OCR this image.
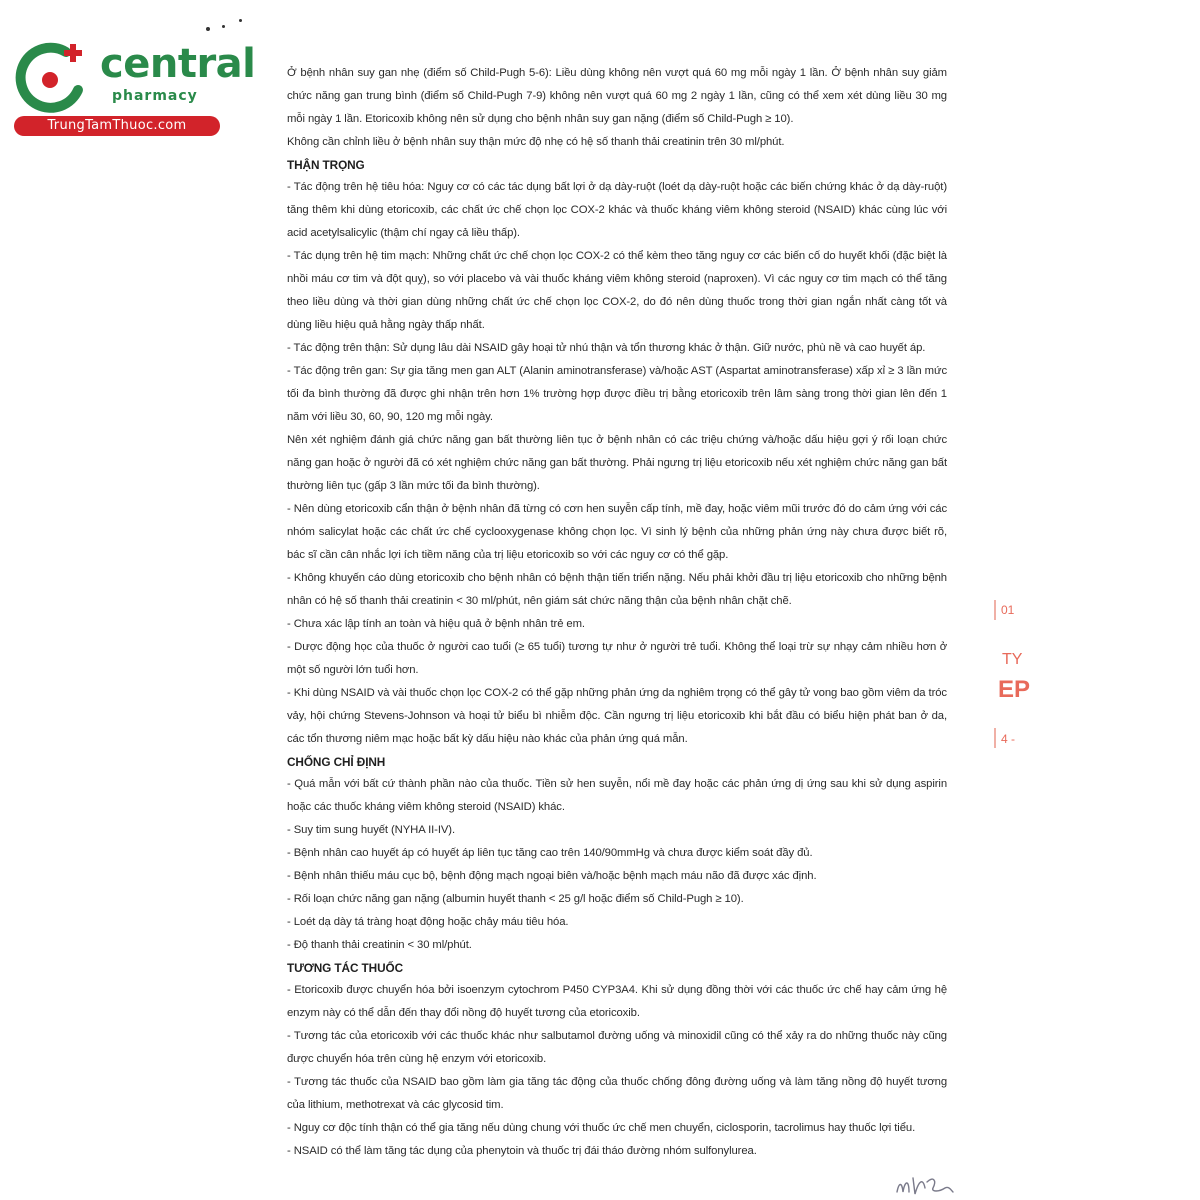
central
pharmacy
TrungTamThuoc.com

Ở bệnh nhân suy gan nhẹ (điểm số Child-Pugh 5-6): Liều dùng không nên vượt quá 60 mg mỗi ngày 1 lần. Ở bệnh nhân suy giảm chức năng gan trung bình (điểm số Child-Pugh 7-9) không nên vượt quá 60 mg 2 ngày 1 lần, cũng có thể xem xét dùng liều 30 mg mỗi ngày 1 lần. Etoricoxib không nên sử dụng cho bệnh nhân suy gan nặng (điểm số Child-Pugh ≥ 10).

Không cần chỉnh liều ở bệnh nhân suy thận mức độ nhẹ có hệ số thanh thải creatinin trên 30 ml/phút.

THẬN TRỌNG

- Tác động trên hệ tiêu hóa: Nguy cơ có các tác dụng bất lợi ở dạ dày-ruột (loét dạ dày-ruột hoặc các biến chứng khác ở dạ dày-ruột) tăng thêm khi dùng etoricoxib, các chất ức chế chọn lọc COX-2 khác và thuốc kháng viêm không steroid (NSAID) khác cùng lúc với acid acetylsalicylic (thậm chí ngay cả liều thấp).

- Tác dụng trên hệ tim mạch: Những chất ức chế chọn lọc COX-2 có thể kèm theo tăng nguy cơ các biến cố do huyết khối (đặc biệt là nhồi máu cơ tim và đột quỵ), so với placebo và vài thuốc kháng viêm không steroid (naproxen). Vì các nguy cơ tim mạch có thể tăng theo liều dùng và thời gian dùng những chất ức chế chọn lọc COX-2, do đó nên dùng thuốc trong thời gian ngắn nhất càng tốt và dùng liều hiệu quả hằng ngày thấp nhất.

- Tác động trên thận: Sử dụng lâu dài NSAID gây hoại tử nhú thận và tổn thương khác ở thận. Giữ nước, phù nề và cao huyết áp.

- Tác động trên gan: Sự gia tăng men gan ALT (Alanin aminotransferase) và/hoặc AST (Aspartat aminotransferase) xấp xỉ ≥ 3 lần mức tối đa bình thường đã được ghi nhận trên hơn 1% trường hợp được điều trị bằng etoricoxib trên lâm sàng trong thời gian lên đến 1 năm với liều 30, 60, 90, 120 mg mỗi ngày.

Nên xét nghiệm đánh giá chức năng gan bất thường liên tục ở bệnh nhân có các triệu chứng và/hoặc dấu hiệu gợi ý rối loạn chức năng gan hoặc ở người đã có xét nghiệm chức năng gan bất thường. Phải ngưng trị liệu etoricoxib nếu xét nghiệm chức năng gan bất thường liên tục (gấp 3 lần mức tối đa bình thường).

- Nên dùng etoricoxib cẩn thận ở bệnh nhân đã từng có cơn hen suyễn cấp tính, mề đay, hoặc viêm mũi trước đó do cảm ứng với các nhóm salicylat hoặc các chất ức chế cyclooxygenase không chọn lọc. Vì sinh lý bệnh của những phản ứng này chưa được biết rõ, bác sĩ cần cân nhắc lợi ích tiềm năng của trị liệu etoricoxib so với các nguy cơ có thể gặp.

- Không khuyến cáo dùng etoricoxib cho bệnh nhân có bệnh thận tiến triển nặng. Nếu phải khởi đầu trị liệu etoricoxib cho những bệnh nhân có hệ số thanh thải creatinin < 30 ml/phút, nên giám sát chức năng thận của bệnh nhân chặt chẽ.

- Chưa xác lập tính an toàn và hiệu quả ở bệnh nhân trẻ em.

- Dược động học của thuốc ở người cao tuổi (≥ 65 tuổi) tương tự như ở người trẻ tuổi. Không thể loại trừ sự nhạy cảm nhiều hơn ở một số người lớn tuổi hơn.

- Khi dùng NSAID và vài thuốc chọn lọc COX-2 có thể gặp những phản ứng da nghiêm trọng có thể gây tử vong bao gồm viêm da tróc vảy, hội chứng Stevens-Johnson và hoại tử biểu bì nhiễm độc. Cần ngưng trị liệu etoricoxib khi bắt đầu có biểu hiện phát ban ở da, các tổn thương niêm mạc hoặc bất kỳ dấu hiệu nào khác của phản ứng quá mẫn.

CHỐNG CHỈ ĐỊNH

- Quá mẫn với bất cứ thành phần nào của thuốc. Tiền sử hen suyễn, nổi mề đay hoặc các phản ứng dị ứng sau khi sử dụng aspirin hoặc các thuốc kháng viêm không steroid (NSAID) khác.

- Suy tim sung huyết (NYHA II-IV).

- Bệnh nhân cao huyết áp có huyết áp liên tục tăng cao trên 140/90mmHg và chưa được kiểm soát đầy đủ.

- Bệnh nhân thiếu máu cục bộ, bệnh động mạch ngoại biên và/hoặc bệnh mạch máu não đã được xác định.

- Rối loạn chức năng gan nặng (albumin huyết thanh < 25 g/l hoặc điểm số Child-Pugh ≥ 10).

- Loét dạ dày tá tràng hoạt động hoặc chảy máu tiêu hóa.

- Độ thanh thải creatinin < 30 ml/phút.

TƯƠNG TÁC THUỐC

- Etoricoxib được chuyển hóa bởi isoenzym cytochrom P450 CYP3A4. Khi sử dụng đồng thời với các thuốc ức chế hay cảm ứng hệ enzym này có thể dẫn đến thay đổi nồng độ huyết tương của etoricoxib.

- Tương tác của etoricoxib với các thuốc khác như salbutamol đường uống và minoxidil cũng có thể xảy ra do những thuốc này cũng được chuyển hóa trên cùng hệ enzym với etoricoxib.

- Tương tác thuốc của NSAID bao gồm làm gia tăng tác động của thuốc chống đông đường uống và làm tăng nồng độ huyết tương của lithium, methotrexat và các glycosid tim.

- Nguy cơ độc tính thận có thể gia tăng nếu dùng chung với thuốc ức chế men chuyển, ciclosporin, tacrolimus hay thuốc lợi tiểu.

- NSAID có thể làm tăng tác dụng của phenytoin và thuốc trị đái tháo đường nhóm sulfonylurea.

01
TY
EP
4 -
